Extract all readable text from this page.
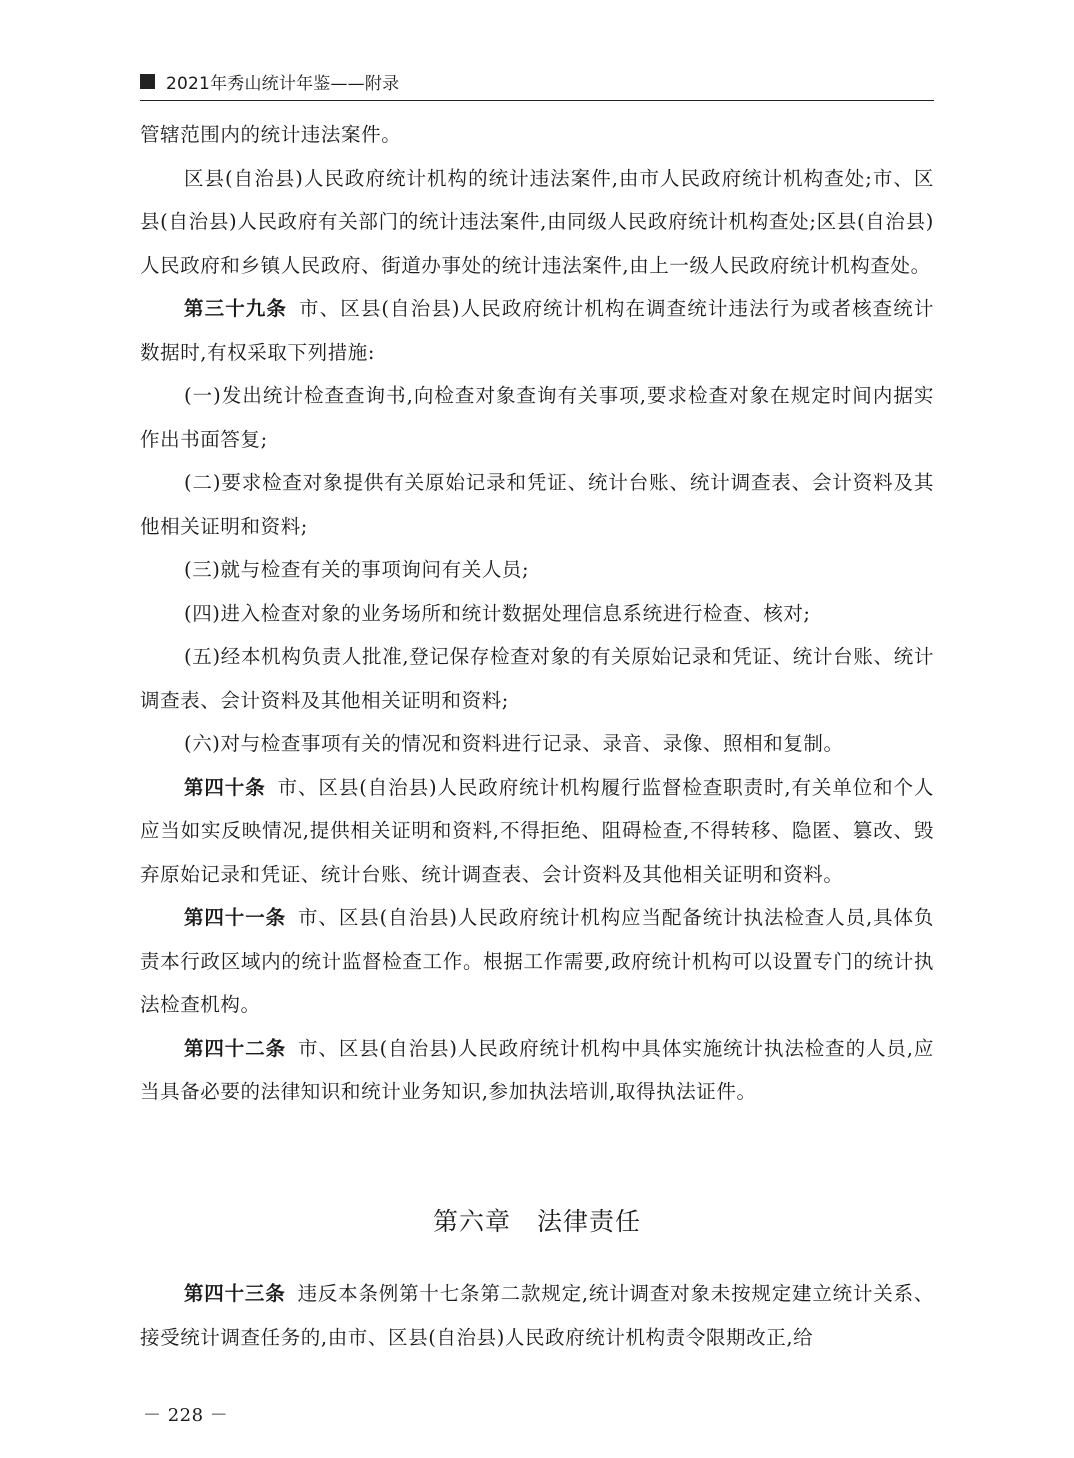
2021年秀山统计年鉴——附录

管辖范围内的统计违法案件。

区县(自治县)人民政府统计机构的统计违法案件,由市人民政府统计机构查处;市、区县(自治县)人民政府有关部门的统计违法案件,由同级人民政府统计机构查处;区县(自治县)人民政府和乡镇人民政府、街道办事处的统计违法案件,由上一级人民政府统计机构查处。

第三十九条 市、区县(自治县)人民政府统计机构在调查统计违法行为或者核查统计数据时,有权采取下列措施:

(一)发出统计检查查询书,向检查对象查询有关事项,要求检查对象在规定时间内据实作出书面答复;

(二)要求检查对象提供有关原始记录和凭证、统计台账、统计调查表、会计资料及其他相关证明和资料;

(三)就与检查有关的事项询问有关人员;

(四)进入检查对象的业务场所和统计数据处理信息系统进行检查、核对;

(五)经本机构负责人批准,登记保存检查对象的有关原始记录和凭证、统计台账、统计调查表、会计资料及其他相关证明和资料;

(六)对与检查事项有关的情况和资料进行记录、录音、录像、照相和复制。

第四十条 市、区县(自治县)人民政府统计机构履行监督检查职责时,有关单位和个人应当如实反映情况,提供相关证明和资料,不得拒绝、阻碍检查,不得转移、隐匿、篡改、毁弃原始记录和凭证、统计台账、统计调查表、会计资料及其他相关证明和资料。

第四十一条 市、区县(自治县)人民政府统计机构应当配备统计执法检查人员,具体负责本行政区域内的统计监督检查工作。根据工作需要,政府统计机构可以设置专门的统计执法检查机构。

第四十二条 市、区县(自治县)人民政府统计机构中具体实施统计执法检查的人员,应当具备必要的法律知识和统计业务知识,参加执法培训,取得执法证件。

第六章　法律责任

第四十三条 违反本条例第十七条第二款规定,统计调查对象未按规定建立统计关系、接受统计调查任务的,由市、区县(自治县)人民政府统计机构责令限期改正,给

－ 228 －
